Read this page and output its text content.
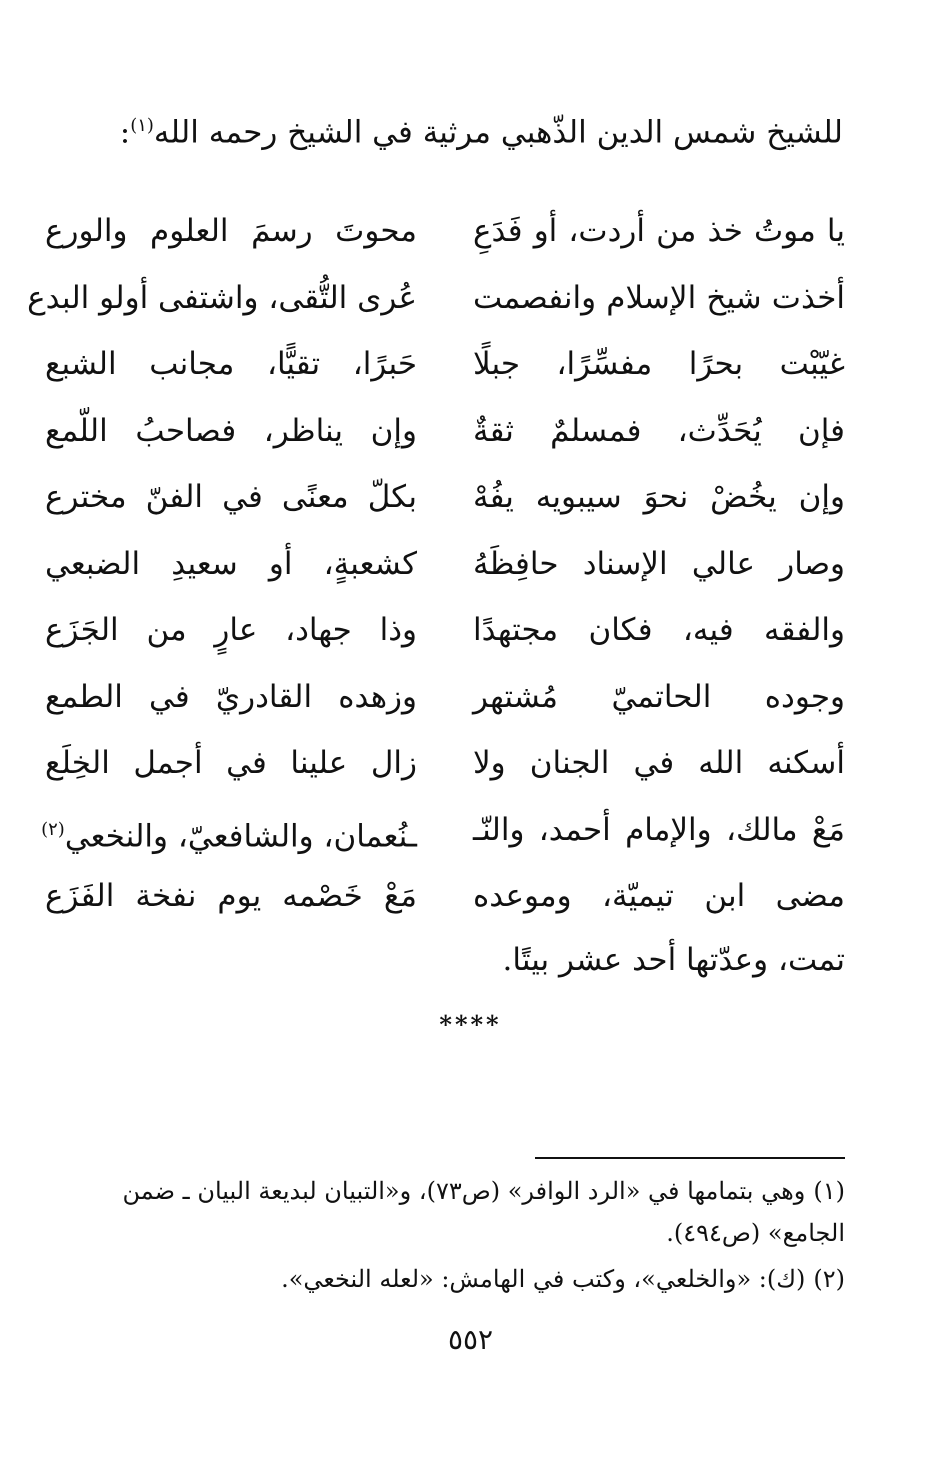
للشيخ شمس الدين الذّهبي مرثية في الشيخ رحمه الله$^{(١)}$:
يا موتُ خذ من أردت، أو فَدَعِ
محوتَ رسمَ العلوم والورع
أخذت شيخ الإسلام وانفصمت
عُرى التُّقى، واشتفى أولو البدع
غيّبْت بحرًا مفسِّرًا، جبلًا
حَبرًا، تقيًّا، مجانب الشبع
فإن يُحَدِّث، فمسلمٌ ثقةٌ
وإن يناظر، فصاحبُ اللّمع
وإن يخُضْ نحوَ سيبويه يفُهْ
بكلّ معنًى في الفنّ مخترع
وصار عالي الإسناد حافِظَهُ
كشعبةٍ، أو سعيدِ الضبعي
والفقه فيه، فكان مجتهدًا
وذا جهاد، عارٍ من الجَزَع
وجوده الحاتميّ مُشتهر
وزهده القادريّ في الطمع
أسكنه الله في الجنان ولا
زال علينا في أجمل الخِلَع
مَعْ مالك، والإمام أحمد، والنّـ
ـنُعمان، والشافعيّ، والنخعي$^{(٢)}$
مضى ابن تيميّة، وموعده
مَعْ خَصْمه يوم نفخة الفَزَع
تمت، وعدّتها أحد عشر بيتًا.
****
(١)وهي بتمامها في «الرد الوافر» (ص٧٣)، و«التبيان لبديعة البيان ـ ضمن الجامع» (ص٤٩٤).
(٢)(ك): «والخلعي»، وكتب في الهامش: «لعله النخعي».
٥٥٢
